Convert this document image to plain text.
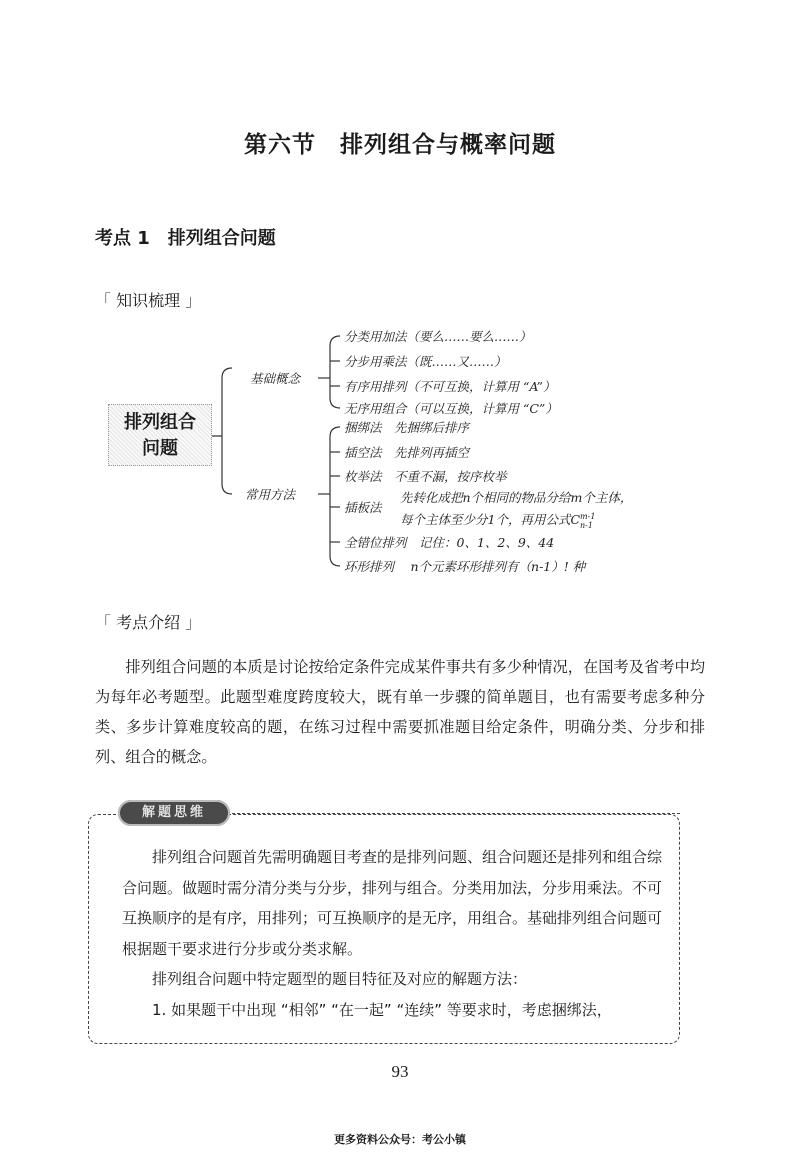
第六节　排列组合与概率问题
考点 1　排列组合问题
「 知识梳理 」
排列组合
问题
基础概念
常用方法
分类用加法（要么……要么……）
分步用乘法（既……又……）
有序用排列（不可互换，计算用 “A”）
无序用组合（可以互换，计算用 “C”）
捆绑法　先捆绑后排序
插空法　先排列再插空
枚举法　不重不漏，按序枚举
插板法
先转化成把n个相同的物品分给m个主体，
每个主体至少分1个，再用公式C m-1
n-1
全错位排列　记住：0、1、2、9、44
环形排列　 n个元素环形排列有（n-1）! 种
「 考点介绍 」

排列组合问题的本质是讨论按给定条件完成某件事共有多少种情况，在国考及省考中均为每年必考题型。此题型难度跨度较大，既有单一步骤的简单题目，也有需要考虑多种分类、多步计算难度较高的题，在练习过程中需要抓准题目给定条件，明确分类、分步和排列、组合的概念。

解题思维

排列组合问题首先需明确题目考查的是排列问题、组合问题还是排列和组合综合问题。做题时需分清分类与分步，排列与组合。分类用加法，分步用乘法。不可互换顺序的是有序，用排列；可互换顺序的是无序，用组合。基础排列组合问题可根据题干要求进行分步或分类求解。

排列组合问题中特定题型的题目特征及对应的解题方法：

1. 如果题干中出现 “相邻” “在一起” “连续” 等要求时，考虑捆绑法，

93
更多资料公众号：考公小镇
